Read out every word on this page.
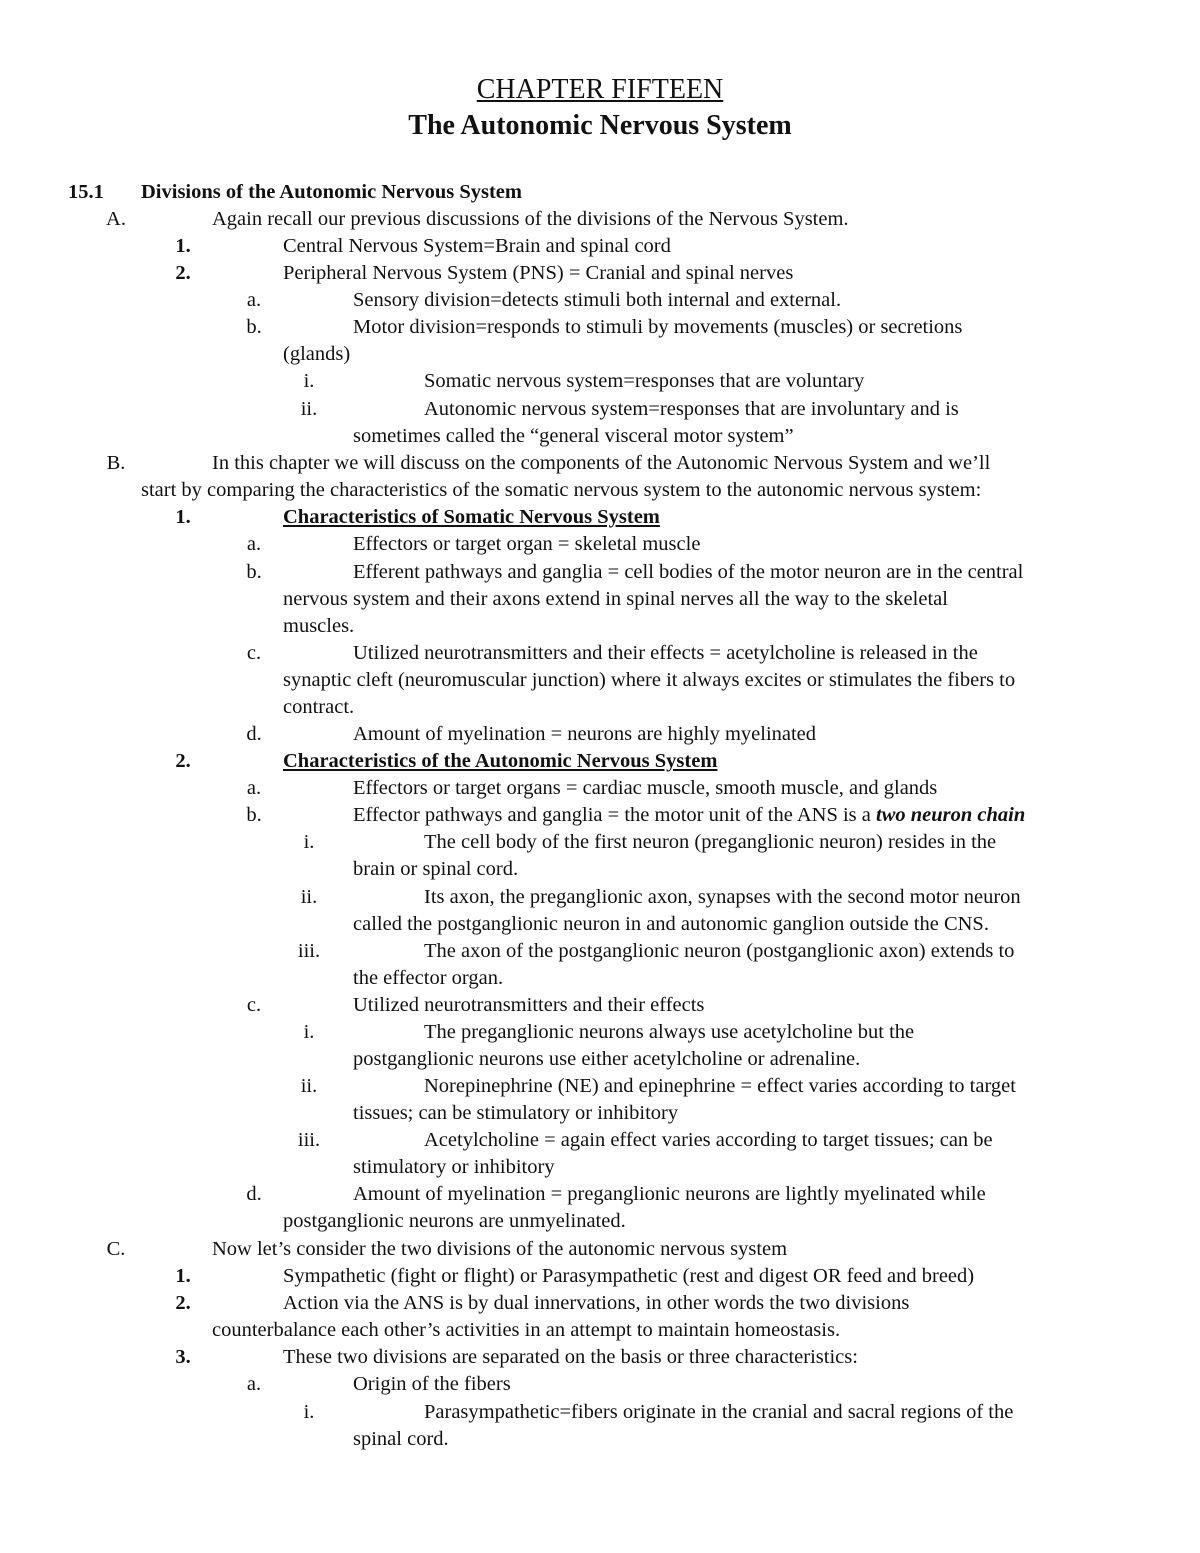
CHAPTER FIFTEEN
The Autonomic Nervous System
15.1 Divisions of the Autonomic Nervous System
A.	Again recall our previous discussions of the divisions of the Nervous System.
1.	Central Nervous System=Brain and spinal cord
2.	Peripheral Nervous System (PNS) = Cranial and spinal nerves
a.	Sensory division=detects stimuli both internal and external.
b.	Motor division=responds to stimuli by movements (muscles) or secretions
(glands)
i.	Somatic nervous system=responses that are voluntary
ii.	Autonomic nervous system=responses that are involuntary and is
sometimes called the “general visceral motor system”
B.	In this chapter we will discuss on the components of the Autonomic Nervous System and we’ll
start by comparing the characteristics of the somatic nervous system to the autonomic nervous system:
1.	Characteristics of Somatic Nervous System
a.	Effectors or target organ = skeletal muscle
b.	Efferent pathways and ganglia = cell bodies of the motor neuron are in the central
nervous system and their axons extend in spinal nerves all the way to the skeletal
muscles.
c.	Utilized neurotransmitters and their effects = acetylcholine is released in the
synaptic cleft (neuromuscular junction) where it always excites or stimulates the fibers to
contract.
d.	Amount of myelination = neurons are highly myelinated
2.	Characteristics of the Autonomic Nervous System
a.	Effectors or target organs = cardiac muscle, smooth muscle, and glands
b.	Effector pathways and ganglia = the motor unit of the ANS is a two neuron chain
i.	The cell body of the first neuron (preganglionic neuron) resides in the
brain or spinal cord.
ii.	Its axon, the preganglionic axon, synapses with the second motor neuron
called the postganglionic neuron in and autonomic ganglion outside the CNS.
iii.	The axon of the postganglionic neuron (postganglionic axon) extends to
the effector organ.
c.	Utilized neurotransmitters and their effects
i.	The preganglionic neurons always use acetylcholine but the
postganglionic neurons use either acetylcholine or adrenaline.
ii.	Norepinephrine (NE) and epinephrine = effect varies according to target
tissues; can be stimulatory or inhibitory
iii.	Acetylcholine = again effect varies according to target tissues; can be
stimulatory or inhibitory
d.	Amount of myelination = preganglionic neurons are lightly myelinated while
postganglionic neurons are unmyelinated.
C.	Now let’s consider the two divisions of the autonomic nervous system
1.	Sympathetic (fight or flight) or Parasympathetic (rest and digest OR feed and breed)
2.	Action via the ANS is by dual innervations, in other words the two divisions
counterbalance each other’s activities in an attempt to maintain homeostasis.
3.	These two divisions are separated on the basis or three characteristics:
a.	Origin of the fibers
i.	Parasympathetic=fibers originate in the cranial and sacral regions of the
spinal cord.
